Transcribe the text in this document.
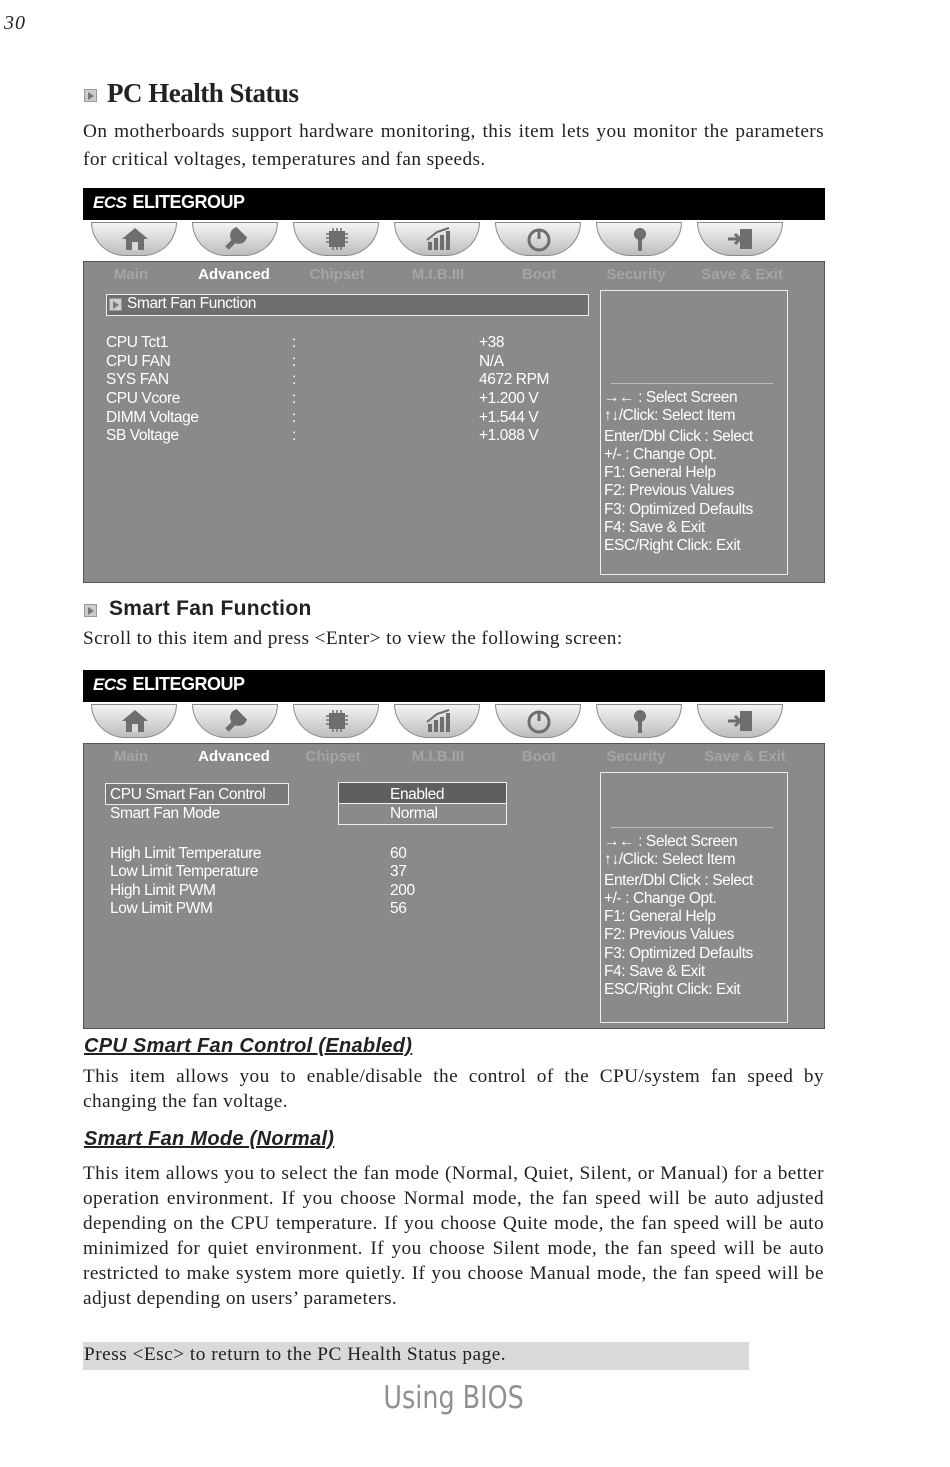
30
PC Health Status
On motherboards support hardware monitoring, this item lets you monitor the parameters for critical voltages, temperatures and fan speeds.
ECS ELITEGROUP
Main	Advanced	Chipset	M.I.B.III	Boot	Security	Save & Exit
Smart Fan Function
CPU Tct1	:	+38
CPU FAN	:	N/A
SYS FAN	:	4672 RPM
CPU Vcore	:	+1.200 V
DIMM Voltage	:	+1.544 V
SB Voltage	:	+1.088 V
→← : Select Screen
↑↓/Click: Select Item
Enter/Dbl Click : Select
+/- : Change Opt.
F1: General Help
F2: Previous Values
F3: Optimized Defaults
F4: Save & Exit
ESC/Right Click: Exit
Smart Fan Function
Scroll to this item and press <Enter> to view the following screen:
ECS ELITEGROUP
Main	Advanced	Chipset	M.I.B.III	Boot	Security	Save & Exit
CPU Smart Fan Control	Enabled
Smart Fan Mode	Normal
High Limit Temperature	60
Low Limit Temperature	37
High Limit PWM	200
Low Limit PWM	56
→← : Select Screen
↑↓/Click: Select Item
Enter/Dbl Click : Select
+/- : Change Opt.
F1: General Help
F2: Previous Values
F3: Optimized Defaults
F4: Save & Exit
ESC/Right Click: Exit
CPU Smart Fan Control (Enabled)
This item allows you to enable/disable the control of the CPU/system fan speed by changing the fan voltage.
Smart Fan Mode (Normal)
This item allows you to select the fan mode (Normal, Quiet, Silent, or Manual) for a better operation environment. If you choose Normal mode, the fan speed will be auto adjusted depending on the CPU temperature. If you choose Quite mode, the fan speed will be auto minimized for quiet environment. If you choose Silent mode, the fan speed will be auto restricted to make system more quietly. If you choose Manual mode, the fan speed will be adjust depending on users’ parameters.
Press <Esc> to return to the PC Health Status page.
Using BIOS
